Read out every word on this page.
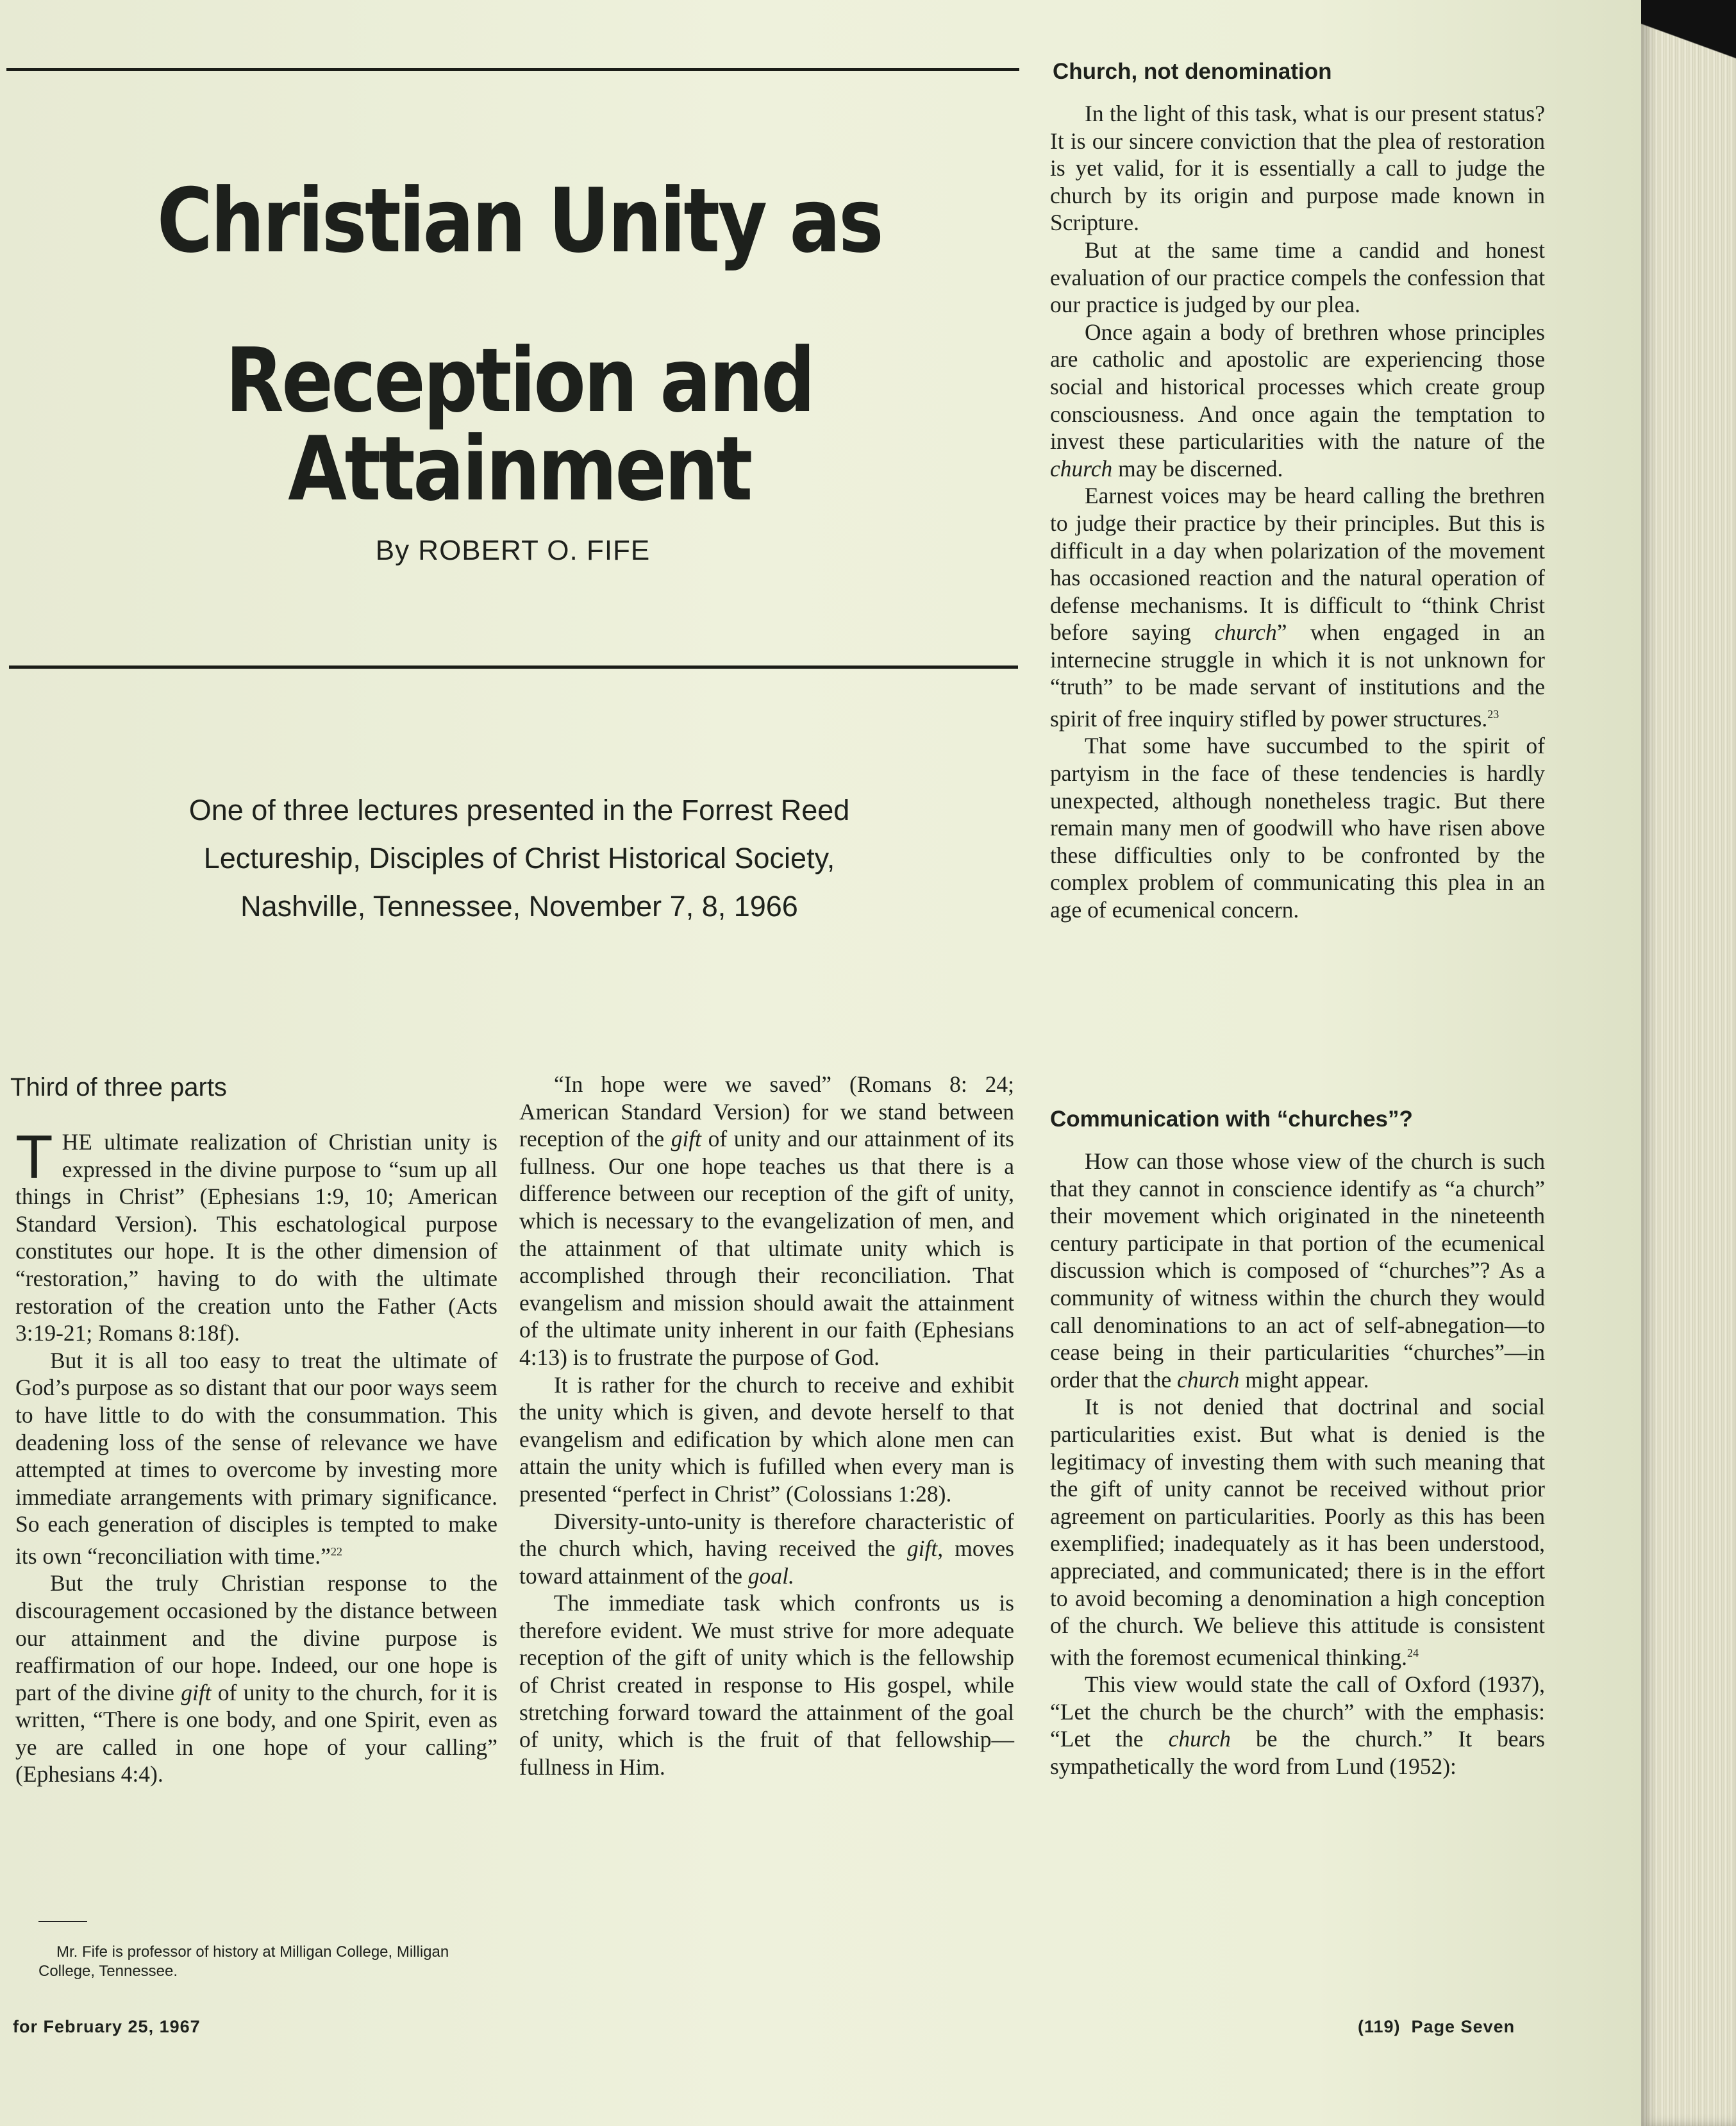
Christian Unity as
Reception and Attainment
By ROBERT O. FIFE
One of three lectures presented in the Forrest Reed
Lectureship, Disciples of Christ Historical Society,
Nashville, Tennessee, November 7, 8, 1966
Third of three parts

THE ultimate realization of Christian unity is expressed in the divine purpose to “sum up all things in Christ” (Ephesians 1:9, 10; American Standard Version). This eschatological purpose constitutes our hope. It is the other dimension of “restoration,” having to do with the ultimate restoration of the creation unto the Father (Acts 3:19-21; Romans 8:18f).

But it is all too easy to treat the ultimate of God’s purpose as so distant that our poor ways seem to have little to do with the consummation. This deadening loss of the sense of relevance we have attempted at times to overcome by investing more immediate arrangements with primary significance. So each generation of disciples is tempted to make its own “reconciliation with time.”$^{22}$

But the truly Christian response to the discouragement occasioned by the distance between our attainment and the divine purpose is reaffirmation of our hope. Indeed, our one hope is part of the divine gift of unity to the church, for it is written, “There is one body, and one Spirit, even as ye are called in one hope of your calling” (Ephesians 4:4).

Mr. Fife is professor of history at Milligan College, Milligan College, Tennessee.

“In hope were we saved” (Romans 8: 24; American Standard Version) for we stand between reception of the gift of unity and our attainment of its fullness. Our one hope teaches us that there is a difference between our reception of the gift of unity, which is necessary to the evangelization of men, and the attainment of that ultimate unity which is accomplished through their reconciliation. That evangelism and mission should await the attainment of the ultimate unity inherent in our faith (Ephesians 4:13) is to frustrate the purpose of God.

It is rather for the church to receive and exhibit the unity which is given, and devote herself to that evangelism and edification by which alone men can attain the unity which is fufilled when every man is presented “perfect in Christ” (Colossians 1:28).

Diversity-unto-unity is therefore characteristic of the church which, having received the gift, moves toward attainment of the goal.

The immediate task which confronts us is therefore evident. We must strive for more adequate reception of the gift of unity which is the fellowship of Christ created in response to His gospel, while stretching forward toward the attainment of the goal of unity, which is the fruit of that fellowship—fullness in Him.

Church, not denomination

In the light of this task, what is our present status? It is our sincere conviction that the plea of restoration is yet valid, for it is essentially a call to judge the church by its origin and purpose made known in Scripture.

But at the same time a candid and honest evaluation of our practice compels the confession that our practice is judged by our plea.

Once again a body of brethren whose principles are catholic and apostolic are experiencing those social and historical processes which create group consciousness. And once again the temptation to invest these particularities with the nature of the church may be discerned.

Earnest voices may be heard calling the brethren to judge their practice by their principles. But this is difficult in a day when polarization of the movement has occasioned reaction and the natural operation of defense mechanisms. It is difficult to “think Christ before saying church” when engaged in an internecine struggle in which it is not unknown for “truth” to be made servant of institutions and the spirit of free inquiry stifled by power structures.$^{23}$

That some have succumbed to the spirit of partyism in the face of these tendencies is hardly unexpected, although nonetheless tragic. But there remain many men of goodwill who have risen above these difficulties only to be confronted by the complex problem of communicating this plea in an age of ecumenical concern.

Communication with “churches”?

How can those whose view of the church is such that they cannot in conscience identify as “a church” their movement which originated in the nineteenth century participate in that portion of the ecumenical discussion which is composed of “churches”? As a community of witness within the church they would call denominations to an act of self-abnegation—to cease being in their particularities “churches”—in order that the church might appear.

It is not denied that doctrinal and social particularities exist. But what is denied is the legitimacy of investing them with such meaning that the gift of unity cannot be received without prior agreement on particularities. Poorly as this has been exemplified; inadequately as it has been understood, appreciated, and communicated; there is in the effort to avoid becoming a denomination a high conception of the church. We believe this attitude is consistent with the foremost ecumenical thinking.$^{24}$

This view would state the call of Oxford (1937), “Let the church be the church” with the emphasis: “Let the church be the church.” It bears sympathetically the word from Lund (1952):

for February 25, 1967	(119)  Page Seven
